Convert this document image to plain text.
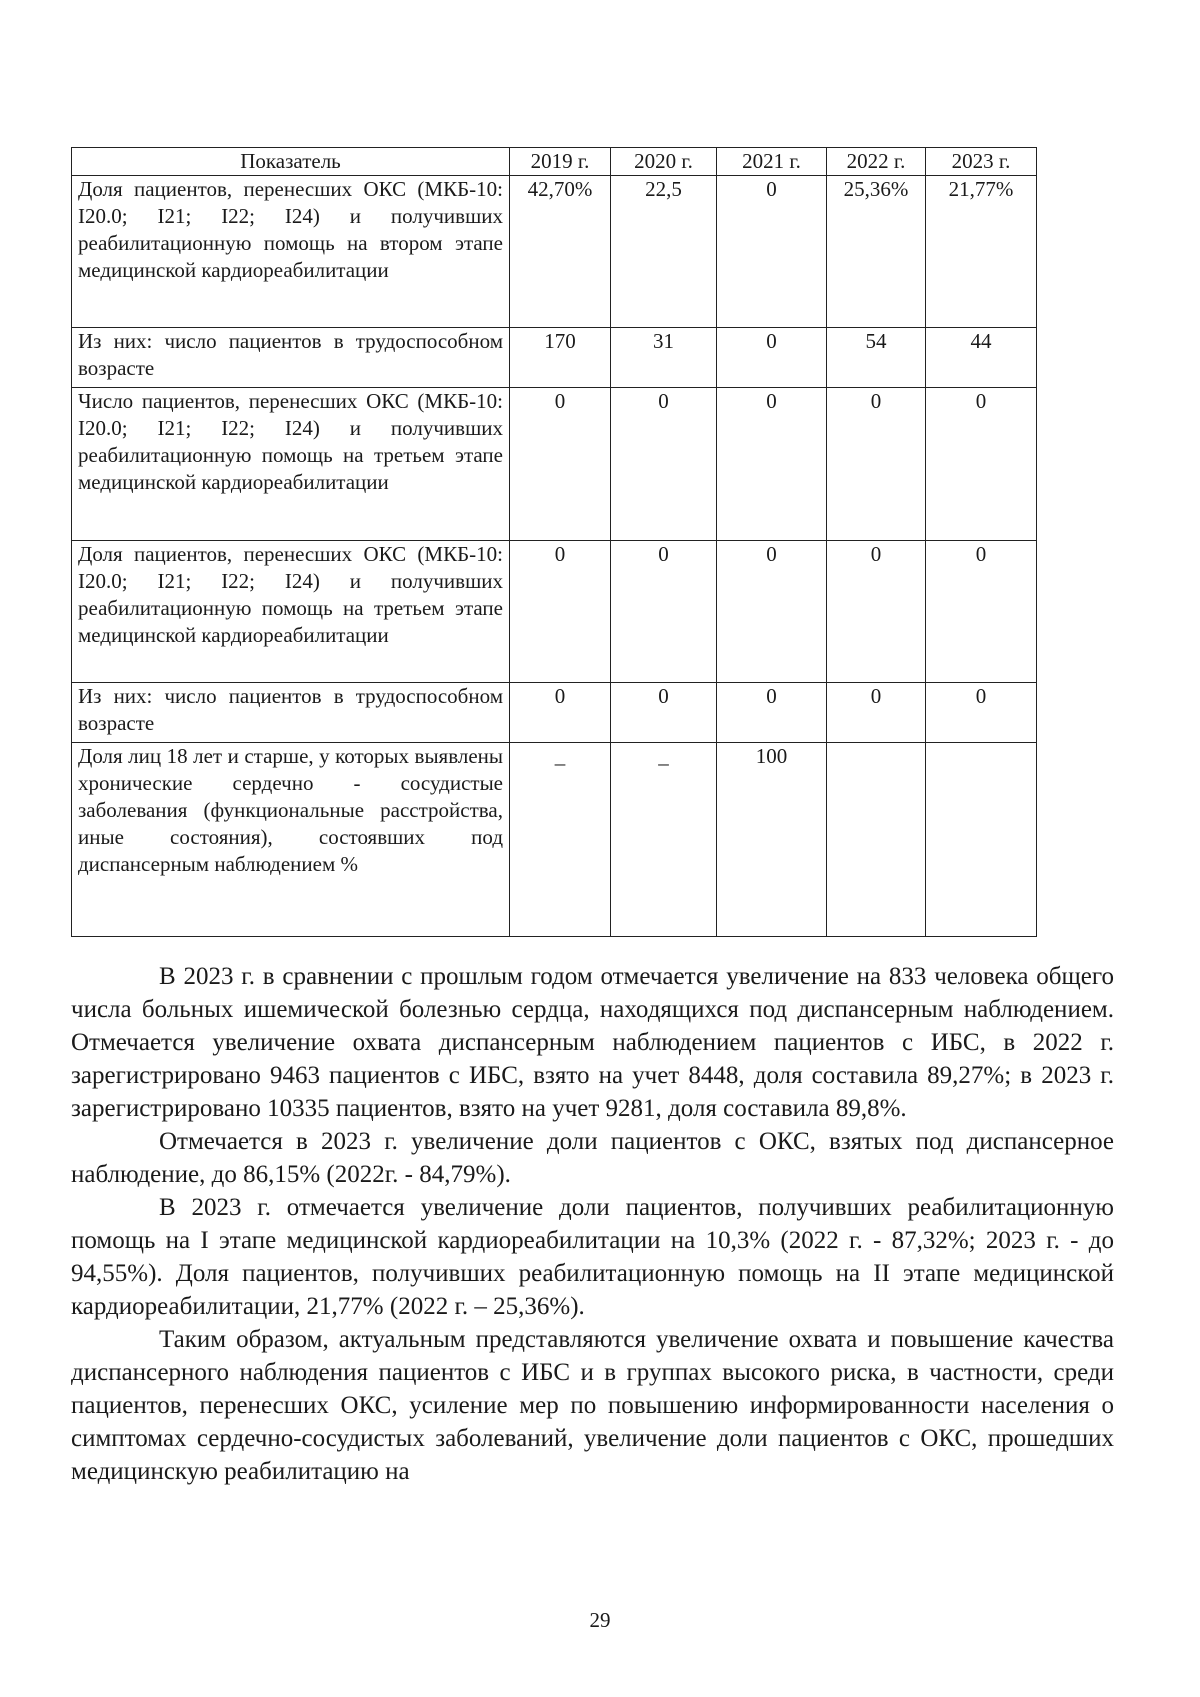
Показатель	2019 г.	2020 г.	2021 г.	2022 г.	2023 г.
Доля пациентов, перенесших ОКС (МКБ-10: I20.0; I21; I22; I24) и получивших реабилитационную помощь на втором этапе медицинской кардиореабилитации	42,70%	22,5	0	25,36%	21,77%
Из них: число пациентов в трудоспособном возрасте	170	31	0	54	44
Число пациентов, перенесших ОКС (МКБ-10: I20.0; I21; I22; I24) и получивших реабилитационную помощь на третьем этапе медицинской кардиореабилитации	0	0	0	0	0
Доля пациентов, перенесших ОКС (МКБ-10: I20.0; I21; I22; I24) и получивших реабилитационную помощь на третьем этапе медицинской кардиореабилитации	0	0	0	0	0
Из них: число пациентов в трудоспособном возрасте	0	0	0	0	0
Доля лиц 18 лет и старше, у которых выявлены хронические сердечно - сосудистые заболевания (функциональные расстройства, иные состояния), состоявших под диспансерным наблюдением %	_	_	100		

В 2023 г. в сравнении с прошлым годом отмечается увеличение на 833 человека общего числа больных ишемической болезнью сердца, находящихся под диспансерным наблюдением. Отмечается увеличение охвата диспансерным наблюдением пациентов с ИБС, в 2022 г. зарегистрировано 9463 пациентов с ИБС, взято на учет 8448, доля составила 89,27%; в 2023 г. зарегистрировано 10335 пациентов, взято на учет 9281, доля составила 89,8%.

Отмечается в 2023 г. увеличение доли пациентов с ОКС, взятых под диспансерное наблюдение, до 86,15% (2022г. - 84,79%).

В 2023 г. отмечается увеличение доли пациентов, получивших реабилитационную помощь на I этапе медицинской кардиореабилитации на 10,3% (2022 г. - 87,32%; 2023 г. - до 94,55%). Доля пациентов, получивших реабилитационную помощь на II этапе медицинской кардиореабилитации, 21,77% (2022 г. – 25,36%).

Таким образом, актуальным представляются увеличение охвата и повышение качества диспансерного наблюдения пациентов с ИБС и в группах высокого риска, в частности, среди пациентов, перенесших ОКС, усиление мер по повышению информированности населения о симптомах сердечно-сосудистых заболеваний, увеличение доли пациентов с ОКС, прошедших медицинскую реабилитацию на

29
